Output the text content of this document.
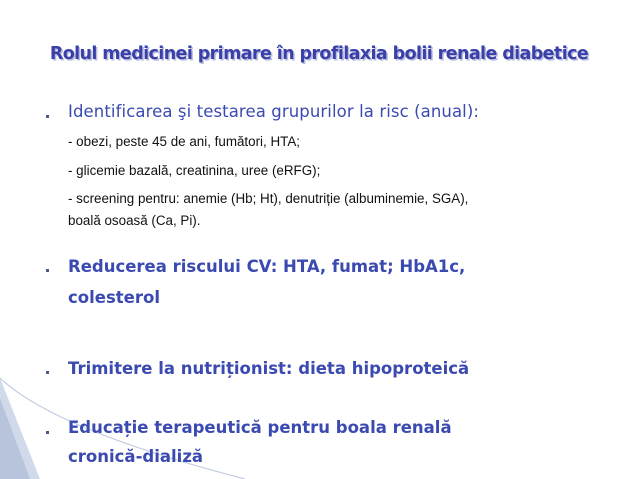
Rolul medicinei primare în profilaxia bolii renale diabetice
Identificarea şi testarea grupurilor la risc (anual):
- obezi, peste 45 de ani, fumători, HTA;
- glicemie bazală, creatinina, uree (eRFG);
- screening pentru: anemie (Hb; Ht), denutriție (albuminemie, SGA),
boală osoasă (Ca, Pi).
Reducerea riscului CV: HTA, fumat; HbA1c,
colesterol
Trimitere la nutriționist: dieta hipoproteică
Educație terapeutică pentru boala renală
cronică-dializă
